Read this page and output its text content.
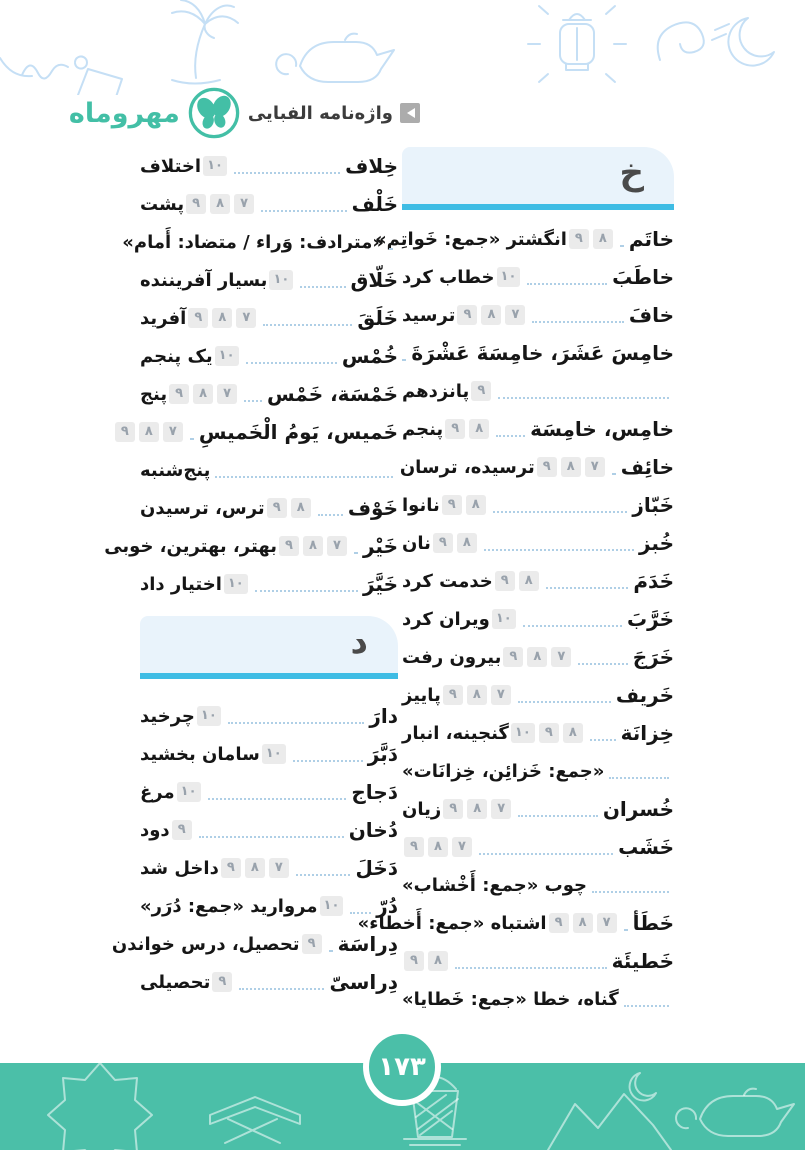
واژه‌نامه الفبایی
مهروماه
خ
خاتَم
۸
۹
انگشتر «جمع: خَواتِم»
خاطَبَ
۱۰
خطاب کرد
خافَ
۷
۸
۹
ترسید
خامِسَ عَشَرَ، خامِسَةَ عَشْرَةَ
۹
پانزدهم
خامِس، خامِسَة
۸
۹
پنجم
خائِف
۷
۸
۹
ترسیده، ترسان
خَبّاز
۸
۹
نانوا
خُبز
۸
۹
نان
خَدَمَ
۸
۹
خدمت کرد
خَرَّبَ
۱۰
ویران کرد
خَرَجَ
۷
۸
۹
بیرون رفت
خَریف
۷
۸
۹
پاییز
خِزانَة
۸
۹
۱۰
گنجینه، انبار
«جمع: خَزائِن، خِزانَات»
خُسران
۷
۸
۹
زیان
خَشَب
۷
۸
۹
چوب «جمع: أَخْشاب»
خَطَأ
۷
۸
۹
اشتباه «جمع: أَخطاء»
خَطیئَة
۸
۹
گناه، خطا «جمع: خَطایا»
خِلاف
۱۰
اختلاف
خَلْف
۷
۸
۹
پشت
«مترادف: وَراء / متضاد: أَمام»
خَلّاق
۱۰
بسیار آفریننده
خَلَقَ
۷
۸
۹
آفرید
خُمْس
۱۰
یک پنجم
خَمْسَة، خَمْس
۷
۸
۹
پنج
خَمیس، یَومُ الْخَمیسِ
۷
۸
۹
پنج‌شنبه
خَوْف
۸
۹
ترس، ترسیدن
خَیْر
۷
۸
۹
بهتر، بهترین، خوبی
خَیَّرَ
۱۰
اختیار داد
د
دارَ
۱۰
چرخید
دَبَّرَ
۱۰
سامان بخشید
دَجاج
۱۰
مرغ
دُخان
۹
دود
دَخَلَ
۷
۸
۹
داخل شد
دُرّ
۱۰
مروارید «جمع: دُرَر»
دِراسَة
۹
تحصیل، درس خواندن
دِراسیّ
۹
تحصیلی
۱۷۳
